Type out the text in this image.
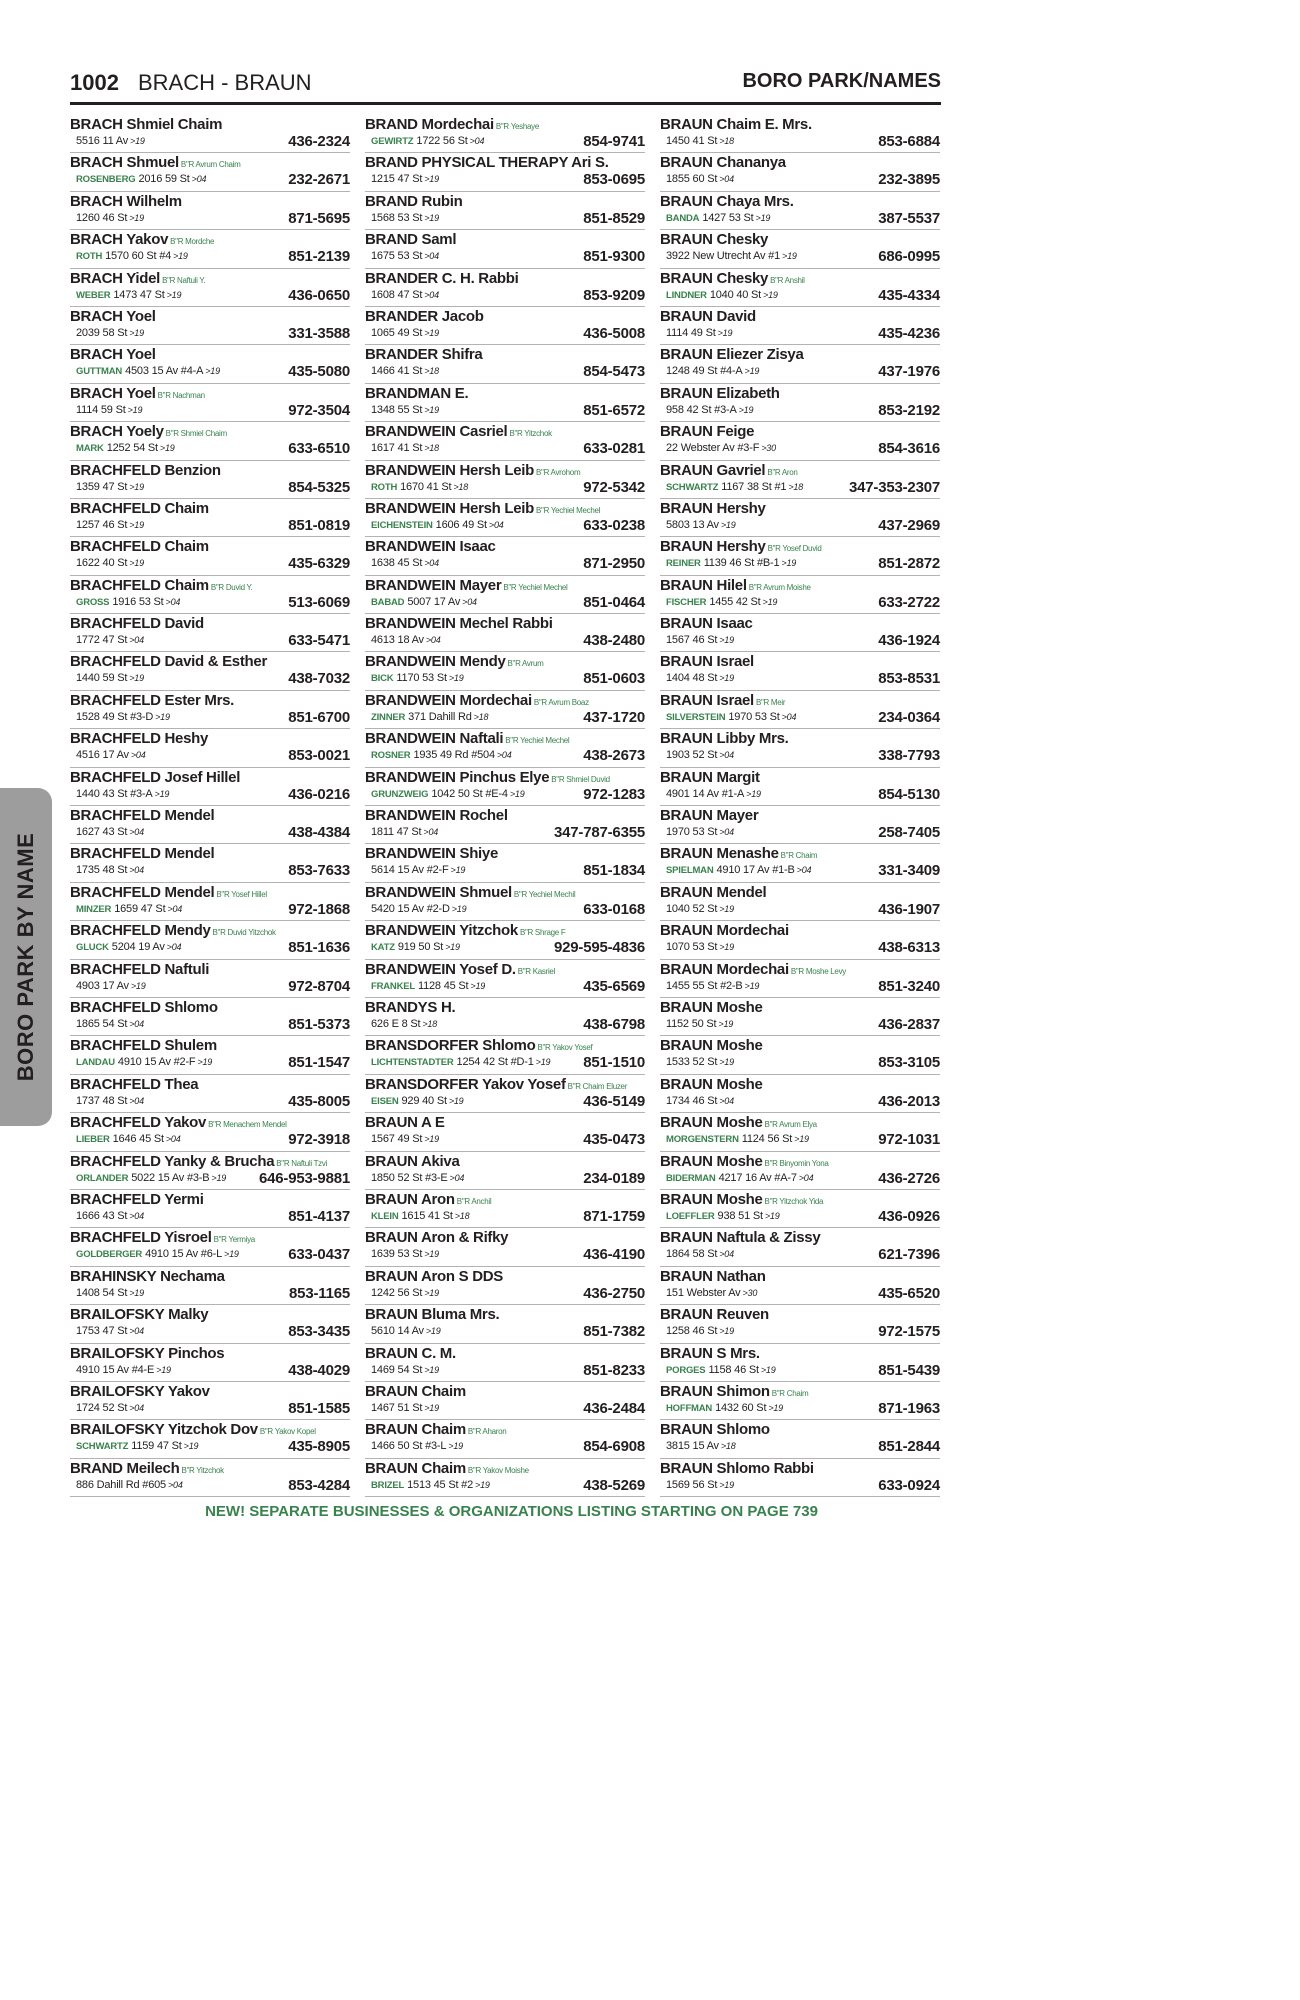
1002 BRACH - BRAUN	BORO PARK/NAMES
BRACH Shmiel Chaim
5516 11 Av >19	436-2324
BRACH Shmuel B"R Avrum Chaim
ROSENBERG 2016 59 St >04	232-2671
BRACH Wilhelm
1260 46 St >19	871-5695
BRACH Yakov B"R Mordche
ROTH 1570 60 St #4 >19	851-2139
BRACH Yidel B"R Naftuli Y.
WEBER 1473 47 St >19	436-0650
BRACH Yoel
2039 58 St >19	331-3588
BRACH Yoel
GUTTMAN 4503 15 Av #4-A >19	435-5080
BRACH Yoel B"R Nachman
1114 59 St >19	972-3504
BRACH Yoely B"R Shmiel Chaim
MARK 1252 54 St >19	633-6510
BRACHFELD Benzion
1359 47 St >19	854-5325
BRACHFELD Chaim
1257 46 St >19	851-0819
BRACHFELD Chaim
1622 40 St >19	435-6329
BRACHFELD Chaim B"R Duvid Y.
GROSS 1916 53 St >04	513-6069
BRACHFELD David
1772 47 St >04	633-5471
BRACHFELD David & Esther
1440 59 St >19	438-7032
BRACHFELD Ester Mrs.
1528 49 St #3-D >19	851-6700
BRACHFELD Heshy
4516 17 Av >04	853-0021
BRACHFELD Josef Hillel
1440 43 St #3-A >19	436-0216
BRACHFELD Mendel
1627 43 St >04	438-4384
BRACHFELD Mendel
1735 48 St >04	853-7633
BRACHFELD Mendel B"R Yosef Hillel
MINZER 1659 47 St >04	972-1868
BRACHFELD Mendy B"R Duvid Yitzchok
GLUCK 5204 19 Av >04	851-1636
BRACHFELD Naftuli
4903 17 Av >19	972-8704
BRACHFELD Shlomo
1865 54 St >04	851-5373
BRACHFELD Shulem
LANDAU 4910 15 Av #2-F >19	851-1547
BRACHFELD Thea
1737 48 St >04	435-8005
BRACHFELD Yakov B"R Menachem Mendel
LIEBER 1646 45 St >04	972-3918
BRACHFELD Yanky & Brucha B"R Naftuli Tzvi
ORLANDER 5022 15 Av #3-B >19 646-953-9881
BRACHFELD Yermi
1666 43 St >04	851-4137
BRACHFELD Yisroel B"R Yermiya
GOLDBERGER 4910 15 Av #6-L >19	633-0437
BRAHINSKY Nechama
1408 54 St >19	853-1165
BRAILOFSKY Malky
1753 47 St >04	853-3435
BRAILOFSKY Pinchos
4910 15 Av #4-E >19	438-4029
BRAILOFSKY Yakov
1724 52 St >04	851-1585
BRAILOFSKY Yitzchok Dov B"R Yakov Kopel
SCHWARTZ 1159 47 St >19	435-8905
BRAND Meilech B"R Yitzchok
886 Dahill Rd #605 >04	853-4284
BRAND Mordechai B"R Yeshaye
GEWIRTZ 1722 56 St >04	854-9741
BRAND PHYSICAL THERAPY Ari S.
1215 47 St >19	853-0695
BRAND Rubin
1568 53 St >19	851-8529
BRAND Saml
1675 53 St >04	851-9300
BRANDER C. H. Rabbi
1608 47 St >04	853-9209
BRANDER Jacob
1065 49 St >19	436-5008
BRANDER Shifra
1466 41 St >18	854-5473
BRANDMAN E.
1348 55 St >19	851-6572
BRANDWEIN Casriel B"R Yitzchok
1617 41 St >18	633-0281
BRANDWEIN Hersh Leib B"R Avrohom
ROTH 1670 41 St >18	972-5342
BRANDWEIN Hersh Leib B"R Yechiel Mechel
EICHENSTEIN 1606 49 St >04	633-0238
BRANDWEIN Isaac
1638 45 St >04	871-2950
BRANDWEIN Mayer B"R Yechiel Mechel
BABAD 5007 17 Av >04	851-0464
BRANDWEIN Mechel Rabbi
4613 18 Av >04	438-2480
BRANDWEIN Mendy B"R Avrum
BICK 1170 53 St >19	851-0603
BRANDWEIN Mordechai B"R Avrum Boaz
ZINNER 371 Dahill Rd >18	437-1720
BRANDWEIN Naftali B"R Yechiel Mechel
ROSNER 1935 49 Rd #504 >04	438-2673
BRANDWEIN Pinchus Elye B"R Shmiel Duvid
GRUNZWEIG 1042 50 St #E-4 >19	972-1283
BRANDWEIN Rochel
1811 47 St >04	347-787-6355
BRANDWEIN Shiye
5614 15 Av #2-F >19	851-1834
BRANDWEIN Shmuel B"R Yechiel Mechil
5420 15 Av #2-D >19	633-0168
BRANDWEIN Yitzchok B"R Shrage F
KATZ 919 50 St >19	929-595-4836
BRANDWEIN Yosef D. B"R Kasriel
FRANKEL 1128 45 St >19	435-6569
BRANDYS H.
626 E 8 St >18	438-6798
BRANSDORFER Shlomo B"R Yakov Yosef
LICHTENSTADTER 1254 42 St #D-1 >19 851-1510
BRANSDORFER Yakov Yosef B"R Chaim Eluzer
EISEN 929 40 St >19	436-5149
BRAUN A E
1567 49 St >19	435-0473
BRAUN Akiva
1850 52 St #3-E >04	234-0189
BRAUN Aron B"R Anchil
KLEIN 1615 41 St >18	871-1759
BRAUN Aron & Rifky
1639 53 St >19	436-4190
BRAUN Aron S DDS
1242 56 St >19	436-2750
BRAUN Bluma Mrs.
5610 14 Av >19	851-7382
BRAUN C. M.
1469 54 St >19	851-8233
BRAUN Chaim
1467 51 St >19	436-2484
BRAUN Chaim B"R Aharon
1466 50 St #3-L >19	854-6908
BRAUN Chaim B"R Yakov Moishe
BRIZEL 1513 45 St #2 >19	438-5269
BRAUN Chaim E. Mrs.
1450 41 St >18	853-6884
BRAUN Chananya
1855 60 St >04	232-3895
BRAUN Chaya Mrs.
BANDA 1427 53 St >19	387-5537
BRAUN Chesky
3922 New Utrecht Av #1 >19	686-0995
BRAUN Chesky B"R Anshil
LINDNER 1040 40 St >19	435-4334
BRAUN David
1114 49 St >19	435-4236
BRAUN Eliezer Zisya
1248 49 St #4-A >19	437-1976
BRAUN Elizabeth
958 42 St #3-A >19	853-2192
BRAUN Feige
22 Webster Av #3-F >30	854-3616
BRAUN Gavriel B"R Aron
SCHWARTZ 1167 38 St #1 >18	347-353-2307
BRAUN Hershy
5803 13 Av >19	437-2969
BRAUN Hershy B"R Yosef Duvid
REINER 1139 46 St #B-1 >19	851-2872
BRAUN Hilel B"R Avrum Moishe
FISCHER 1455 42 St >19	633-2722
BRAUN Isaac
1567 46 St >19	436-1924
BRAUN Israel
1404 48 St >19	853-8531
BRAUN Israel B"R Meir
SILVERSTEIN 1970 53 St >04	234-0364
BRAUN Libby Mrs.
1903 52 St >04	338-7793
BRAUN Margit
4901 14 Av #1-A >19	854-5130
BRAUN Mayer
1970 53 St >04	258-7405
BRAUN Menashe B"R Chaim
SPIELMAN 4910 17 Av #1-B >04	331-3409
BRAUN Mendel
1040 52 St >19	436-1907
BRAUN Mordechai
1070 53 St >19	438-6313
BRAUN Mordechai B"R Moshe Levy
1455 55 St #2-B >19	851-3240
BRAUN Moshe
1152 50 St >19	436-2837
BRAUN Moshe
1533 52 St >19	853-3105
BRAUN Moshe
1734 46 St >04	436-2013
BRAUN Moshe B"R Avrum Elya
MORGENSTERN 1124 56 St >19	972-1031
BRAUN Moshe B"R Binyomin Yona
BIDERMAN 4217 16 Av #A-7 >04	436-2726
BRAUN Moshe B"R Yitzchok Yida
LOEFFLER 938 51 St >19	436-0926
BRAUN Naftula & Zissy
1864 58 St >04	621-7396
BRAUN Nathan
151 Webster Av >30	435-6520
BRAUN Reuven
1258 46 St >19	972-1575
BRAUN S Mrs.
PORGES 1158 46 St >19	851-5439
BRAUN Shimon B"R Chaim
HOFFMAN 1432 60 St >19	871-1963
BRAUN Shlomo
3815 15 Av >18	851-2844
BRAUN Shlomo Rabbi
1569 56 St >19	633-0924
BORO PARK BY NAME
NEW! SEPARATE BUSINESSES & ORGANIZATIONS LISTING STARTING ON PAGE 739
